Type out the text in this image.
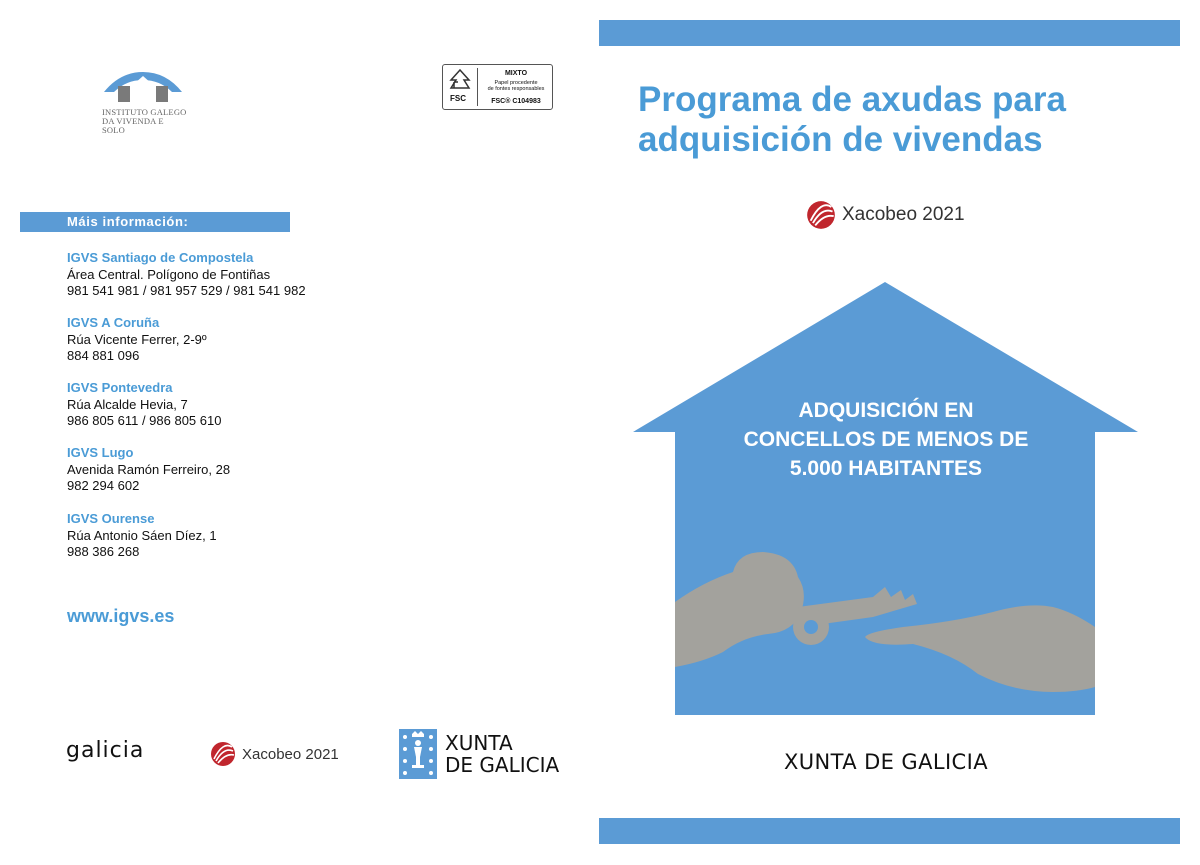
INSTITUTO GALEGO
DA VIVENDA E SOLO
FSC
MIXTO
Papel procedente
de fontes responsables
FSC® C104983
Máis información:
IGVS Santiago de Compostela
Área Central. Polígono de Fontiñas
981 541 981 / 981 957 529 / 981 541 982
IGVS A Coruña
Rúa Vicente Ferrer, 2-9º
884 881 096
IGVS Pontevedra
Rúa Alcalde Hevia, 7
986 805 611 / 986 805 610
IGVS Lugo
Avenida Ramón Ferreiro, 28
982 294 602
IGVS Ourense
Rúa Antonio Sáen Díez, 1
988 386 268
www.igvs.es
galicia	Xacobeo 2021	XUNTA
DE GALICIA
Programa de axudas para adquisición de vivendas
Xacobeo 2021
ADQUISICIÓN EN
CONCELLOS DE MENOS DE
5.000 HABITANTES
XUNTA DE GALICIA
